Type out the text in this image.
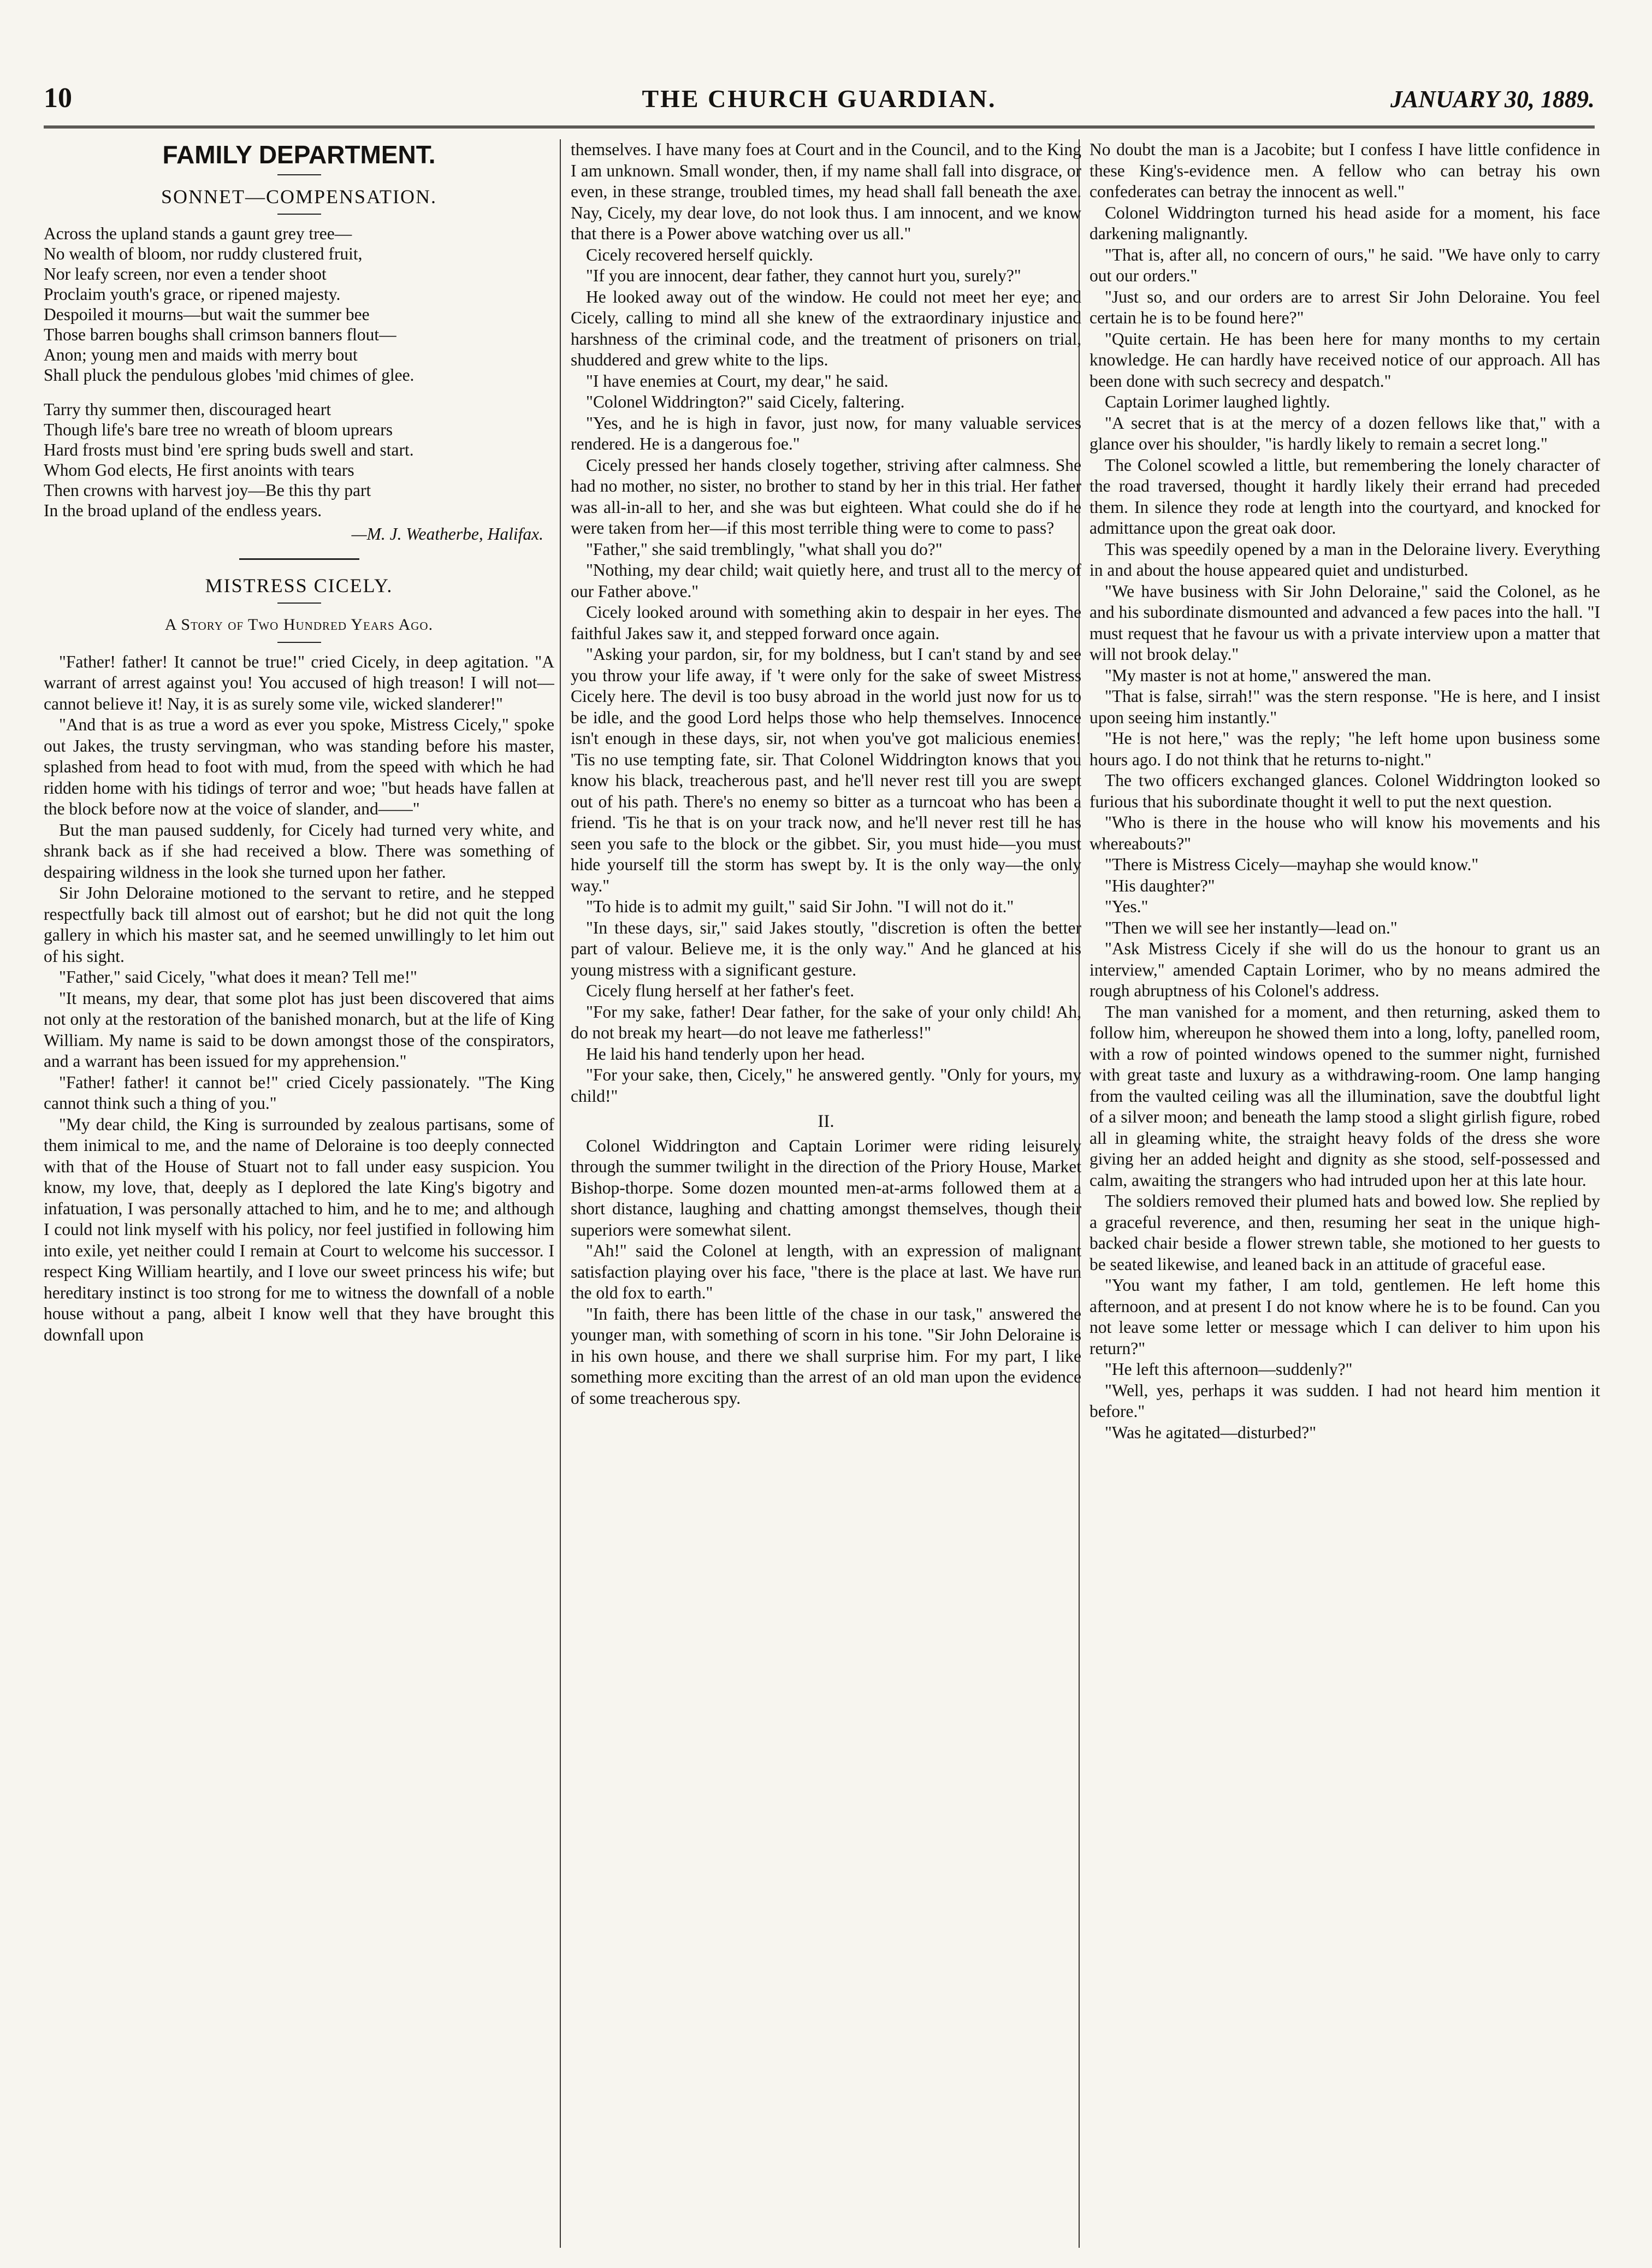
10	THE CHURCH GUARDIAN.	JANUARY 30, 1889.
FAMILY DEPARTMENT.
SONNET—COMPENSATION.
Across the upland stands a gaunt grey tree—
No wealth of bloom, nor ruddy clustered fruit,
Nor leafy screen, nor even a tender shoot
Proclaim youth's grace, or ripened majesty.
Despoiled it mourns—but wait the summer bee
Those barren boughs shall crimson banners flout—
Anon; young men and maids with merry bout
Shall pluck the pendulous globes 'mid chimes of glee.
Tarry thy summer then, discouraged heart
Though life's bare tree no wreath of bloom uprears
Hard frosts must bind 'ere spring buds swell and start.
Whom God elects, He first anoints with tears
Then crowns with harvest joy—Be this thy part
In the broad upland of the endless years.
—M. J. Weatherbe, Halifax.
MISTRESS CICELY.
A Story of Two Hundred Years Ago.

"Father! father! It cannot be true!" cried Cicely, in deep agitation. "A warrant of arrest against you! You accused of high treason! I will not—cannot believe it! Nay, it is as surely some vile, wicked slanderer!"

"And that is as true a word as ever you spoke, Mistress Cicely," spoke out Jakes, the trusty servingman, who was standing before his master, splashed from head to foot with mud, from the speed with which he had ridden home with his tidings of terror and woe; "but heads have fallen at the block before now at the voice of slander, and——"

But the man paused suddenly, for Cicely had turned very white, and shrank back as if she had received a blow. There was something of despairing wildness in the look she turned upon her father.

Sir John Deloraine motioned to the servant to retire, and he stepped respectfully back till almost out of earshot; but he did not quit the long gallery in which his master sat, and he seemed unwillingly to let him out of his sight.

"Father," said Cicely, "what does it mean? Tell me!"

"It means, my dear, that some plot has just been discovered that aims not only at the restoration of the banished monarch, but at the life of King William. My name is said to be down amongst those of the conspirators, and a warrant has been issued for my apprehension."

"Father! father! it cannot be!" cried Cicely passionately. "The King cannot think such a thing of you."

"My dear child, the King is surrounded by zealous partisans, some of them inimical to me, and the name of Deloraine is too deeply connected with that of the House of Stuart not to fall under easy suspicion. You know, my love, that, deeply as I deplored the late King's bigotry and infatuation, I was personally attached to him, and he to me; and although I could not link myself with his policy, nor feel justified in following him into exile, yet neither could I remain at Court to welcome his successor. I respect King William heartily, and I love our sweet princess his wife; but hereditary instinct is too strong for me to witness the downfall of a noble house without a pang, albeit I know well that they have brought this downfall upon

themselves. I have many foes at Court and in the Council, and to the King I am unknown. Small wonder, then, if my name shall fall into disgrace, or even, in these strange, troubled times, my head shall fall beneath the axe. Nay, Cicely, my dear love, do not look thus. I am innocent, and we know that there is a Power above watching over us all."

Cicely recovered herself quickly.

"If you are innocent, dear father, they cannot hurt you, surely?"

He looked away out of the window. He could not meet her eye; and Cicely, calling to mind all she knew of the extraordinary injustice and harshness of the criminal code, and the treatment of prisoners on trial, shuddered and grew white to the lips.

"I have enemies at Court, my dear," he said.

"Colonel Widdrington?" said Cicely, faltering.

"Yes, and he is high in favor, just now, for many valuable services rendered. He is a dangerous foe."

Cicely pressed her hands closely together, striving after calmness. She had no mother, no sister, no brother to stand by her in this trial. Her father was all-in-all to her, and she was but eighteen. What could she do if he were taken from her—if this most terrible thing were to come to pass?

"Father," she said tremblingly, "what shall you do?"

"Nothing, my dear child; wait quietly here, and trust all to the mercy of our Father above."

Cicely looked around with something akin to despair in her eyes. The faithful Jakes saw it, and stepped forward once again.

"Asking your pardon, sir, for my boldness, but I can't stand by and see you throw your life away, if 't were only for the sake of sweet Mistress Cicely here. The devil is too busy abroad in the world just now for us to be idle, and the good Lord helps those who help themselves. Innocence isn't enough in these days, sir, not when you've got malicious enemies! 'Tis no use tempting fate, sir. That Colonel Widdrington knows that you know his black, treacherous past, and he'll never rest till you are swept out of his path. There's no enemy so bitter as a turncoat who has been a friend. 'Tis he that is on your track now, and he'll never rest till he has seen you safe to the block or the gibbet. Sir, you must hide—you must hide yourself till the storm has swept by. It is the only way—the only way."

"To hide is to admit my guilt," said Sir John. "I will not do it."

"In these days, sir," said Jakes stoutly, "discretion is often the better part of valour. Believe me, it is the only way." And he glanced at his young mistress with a significant gesture.

Cicely flung herself at her father's feet.

"For my sake, father! Dear father, for the sake of your only child! Ah, do not break my heart—do not leave me fatherless!"

He laid his hand tenderly upon her head.

"For your sake, then, Cicely," he answered gently. "Only for yours, my child!"

II.

Colonel Widdrington and Captain Lorimer were riding leisurely through the summer twilight in the direction of the Priory House, Market Bishop-thorpe. Some dozen mounted men-at-arms followed them at a short distance, laughing and chatting amongst themselves, though their superiors were somewhat silent.

"Ah!" said the Colonel at length, with an expression of malignant satisfaction playing over his face, "there is the place at last. We have run the old fox to earth."

"In faith, there has been little of the chase in our task," answered the younger man, with something of scorn in his tone. "Sir John Deloraine is in his own house, and there we shall surprise him. For my part, I like something more exciting than the arrest of an old man upon the evidence of some treacherous spy.

No doubt the man is a Jacobite; but I confess I have little confidence in these King's-evidence men. A fellow who can betray his own confederates can betray the innocent as well."

Colonel Widdrington turned his head aside for a moment, his face darkening malignantly.

"That is, after all, no concern of ours," he said. "We have only to carry out our orders."

"Just so, and our orders are to arrest Sir John Deloraine. You feel certain he is to be found here?"

"Quite certain. He has been here for many months to my certain knowledge. He can hardly have received notice of our approach. All has been done with such secrecy and despatch."

Captain Lorimer laughed lightly.

"A secret that is at the mercy of a dozen fellows like that," with a glance over his shoulder, "is hardly likely to remain a secret long."

The Colonel scowled a little, but remembering the lonely character of the road traversed, thought it hardly likely their errand had preceded them. In silence they rode at length into the courtyard, and knocked for admittance upon the great oak door.

This was speedily opened by a man in the Deloraine livery. Everything in and about the house appeared quiet and undisturbed.

"We have business with Sir John Deloraine," said the Colonel, as he and his subordinate dismounted and advanced a few paces into the hall. "I must request that he favour us with a private interview upon a matter that will not brook delay."

"My master is not at home," answered the man.

"That is false, sirrah!" was the stern response. "He is here, and I insist upon seeing him instantly."

"He is not here," was the reply; "he left home upon business some hours ago. I do not think that he returns to-night."

The two officers exchanged glances. Colonel Widdrington looked so furious that his subordinate thought it well to put the next question.

"Who is there in the house who will know his movements and his whereabouts?"

"There is Mistress Cicely—mayhap she would know."

"His daughter?"

"Yes."

"Then we will see her instantly—lead on."

"Ask Mistress Cicely if she will do us the honour to grant us an interview," amended Captain Lorimer, who by no means admired the rough abruptness of his Colonel's address.

The man vanished for a moment, and then returning, asked them to follow him, whereupon he showed them into a long, lofty, panelled room, with a row of pointed windows opened to the summer night, furnished with great taste and luxury as a withdrawing-room. One lamp hanging from the vaulted ceiling was all the illumination, save the doubtful light of a silver moon; and beneath the lamp stood a slight girlish figure, robed all in gleaming white, the straight heavy folds of the dress she wore giving her an added height and dignity as she stood, self-possessed and calm, awaiting the strangers who had intruded upon her at this late hour.

The soldiers removed their plumed hats and bowed low. She replied by a graceful reverence, and then, resuming her seat in the unique high-backed chair beside a flower strewn table, she motioned to her guests to be seated likewise, and leaned back in an attitude of graceful ease.

"You want my father, I am told, gentlemen. He left home this afternoon, and at present I do not know where he is to be found. Can you not leave some letter or message which I can deliver to him upon his return?"

"He left this afternoon—suddenly?"

"Well, yes, perhaps it was sudden. I had not heard him mention it before."

"Was he agitated—disturbed?"
